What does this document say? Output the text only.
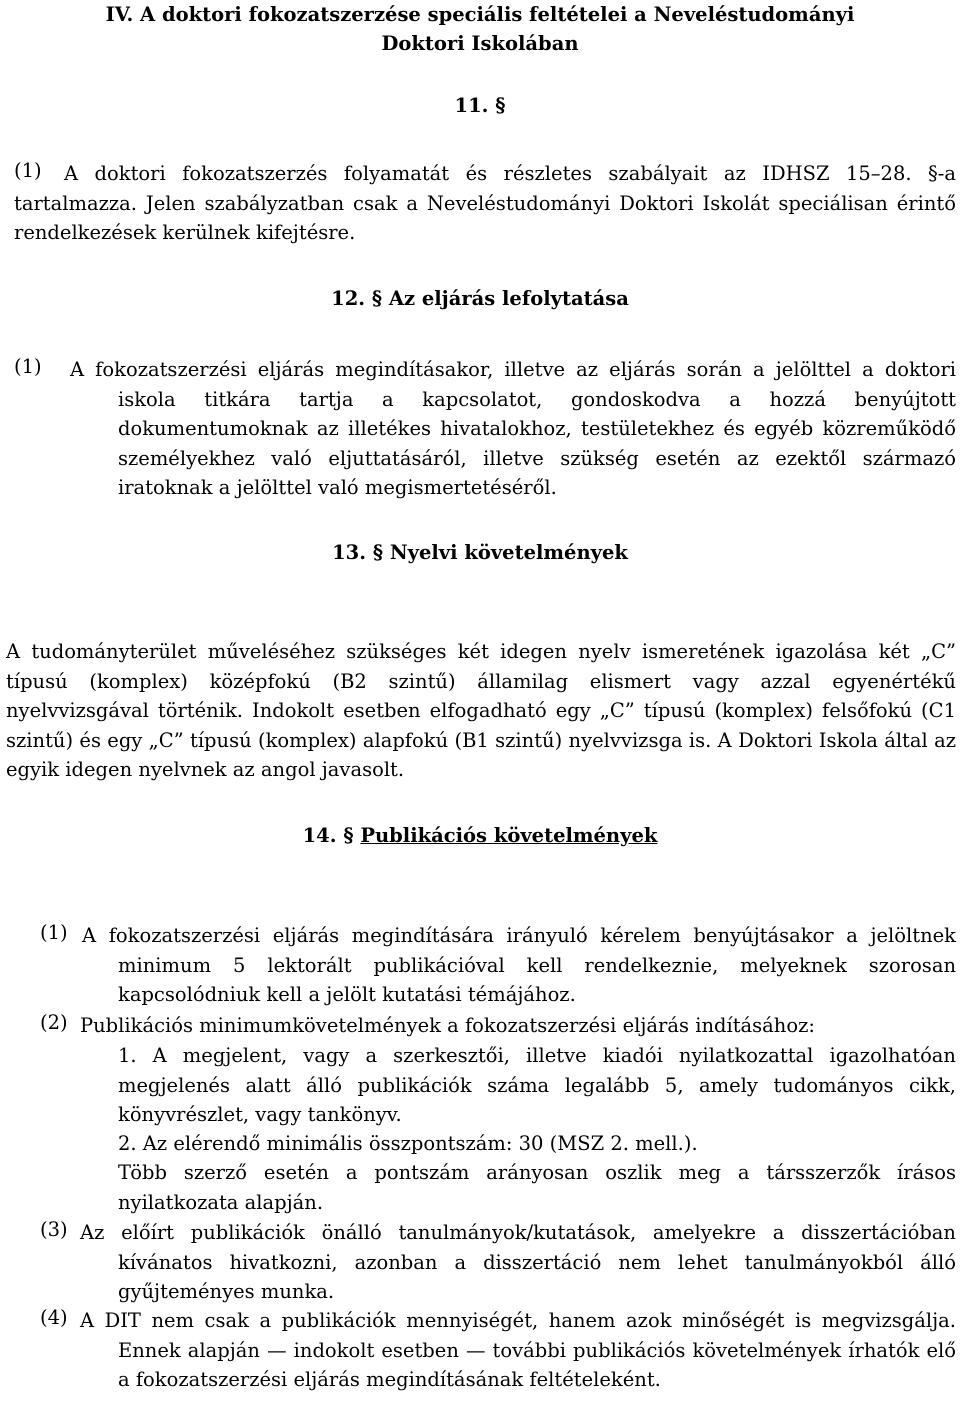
IV. A doktori fokozatszerzése speciális feltételei a Neveléstudományi
Doktori Iskolában
11. §
(1)	A doktori fokozatszerzés folyamatát és részletes szabályait az IDHSZ 15–28. §-a tartalmazza. Jelen szabályzatban csak a Neveléstudományi Doktori Iskolát speciálisan érintő rendelkezések kerülnek kifejtésre.
12. § Az eljárás lefolytatása
(1) A fokozatszerzési eljárás megindításakor, illetve az eljárás során a jelölttel a doktori iskola titkára tartja a kapcsolatot, gondoskodva a hozzá benyújtott dokumentumoknak az illetékes hivatalokhoz, testületekhez és egyéb közreműködő személyekhez való eljuttatásáról, illetve szükség esetén az ezektől származó iratoknak a jelölttel való megismertetéséről.
13. § Nyelvi követelmények
A tudományterület műveléséhez szükséges két idegen nyelv ismeretének igazolása két „C” típusú (komplex) középfokú (B2 szintű) államilag elismert vagy azzal egyenértékű nyelvvizsgával történik. Indokolt esetben elfogadható egy „C” típusú (komplex) felsőfokú (C1 szintű) és egy „C” típusú (komplex) alapfokú (B1 szintű) nyelvvizsga is. A Doktori Iskola által az egyik idegen nyelvnek az angol javasolt.
14. § Publikációs követelmények
(1) A fokozatszerzési eljárás megindítására irányuló kérelem benyújtásakor a jelöltnek minimum 5 lektorált publikációval kell rendelkeznie, melyeknek szorosan kapcsolódniuk kell a jelölt kutatási témájához.
(2) Publikációs minimumkövetelmények a fokozatszerzési eljárás indításához:
1. A megjelent, vagy a szerkesztői, illetve kiadói nyilatkozattal igazolhatóan megjelenés alatt álló publikációk száma legalább 5, amely tudományos cikk, könyvrészlet, vagy tankönyv.
2. Az elérendő minimális összpontszám: 30 (MSZ 2. mell.).
Több szerző esetén a pontszám arányosan oszlik meg a társszerzők írásos nyilatkozata alapján.
(3) Az előírt publikációk önálló tanulmányok/kutatások, amelyekre a disszertációban kívánatos hivatkozni, azonban a disszertáció nem lehet tanulmányokból álló gyűjteményes munka.
(4) A DIT nem csak a publikációk mennyiségét, hanem azok minőségét is megvizsgálja. Ennek alapján — indokolt esetben — további publikációs követelmények írhatók elő a fokozatszerzési eljárás megindításának feltételeként.
